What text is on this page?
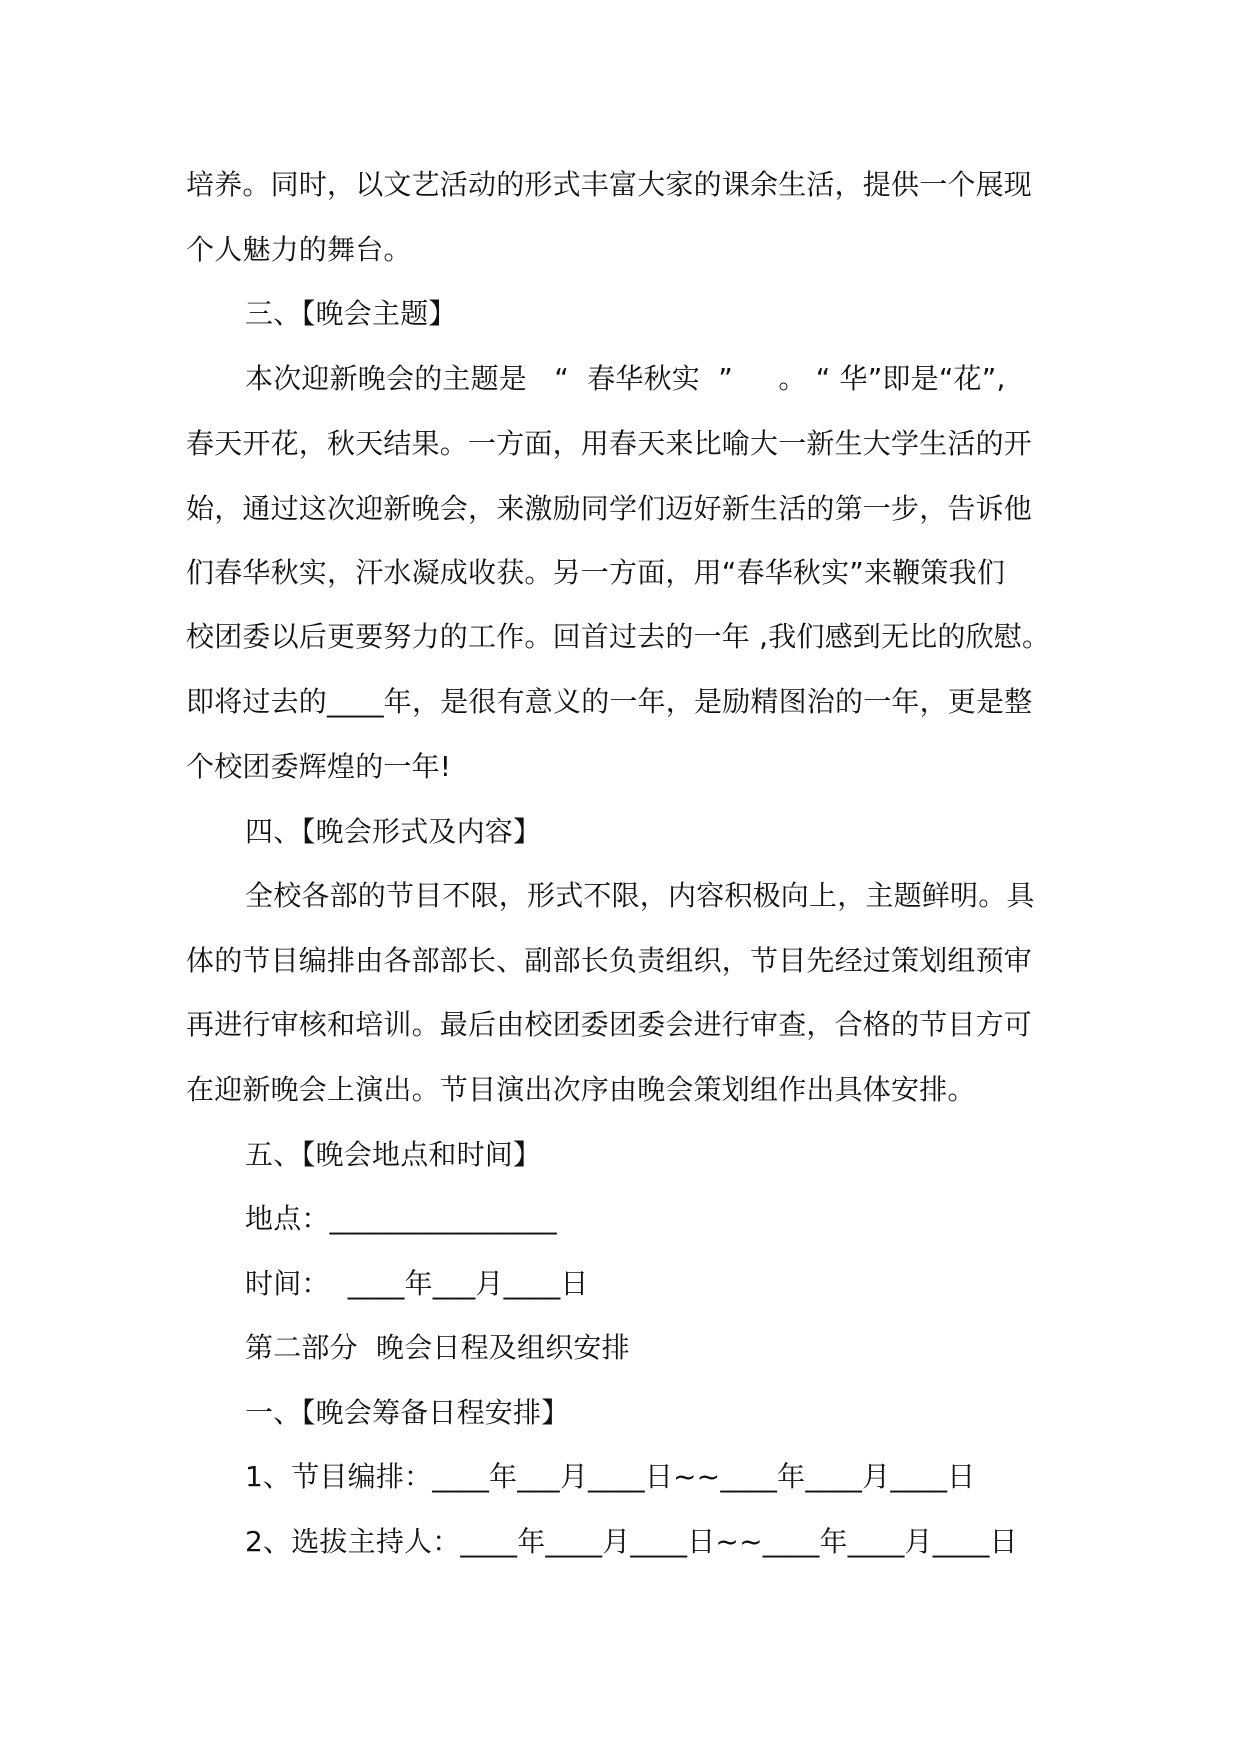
培养。同时，以文艺活动的形式丰富大家的课余生活，提供一个展现
个人魅力的舞台。
三、【晚会主题】
本次迎新晚会的主题是   “  春华秋实  ”     。 “ 华”即是“花”,
春天开花，秋天结果。一方面，用春天来比喻大一新生大学生活的开
始，通过这次迎新晚会，来激励同学们迈好新生活的第一步，告诉他
们春华秋实，汗水凝成收获。另一方面，用“春华秋实”来鞭策我们
校团委以后更要努力的工作。回首过去的一年 ,我们感到无比的欣慰。
即将过去的____年，是很有意义的一年，是励精图治的一年，更是整
个校团委辉煌的一年!
四、【晚会形式及内容】
全校各部的节目不限，形式不限，内容积极向上，主题鲜明。具
体的节目编排由各部部长、副部长负责组织，节目先经过策划组预审
再进行审核和培训。最后由校团委团委会进行审查，合格的节目方可
在迎新晚会上演出。节目演出次序由晚会策划组作出具体安排。
五、【晚会地点和时间】
地点：________________
时间：  ____年___月____日
第二部分  晚会日程及组织安排
一、【晚会筹备日程安排】
1、节目编排：____年___月____日~~____年____月____日
2、选拔主持人：____年____月____日~~____年____月____日
